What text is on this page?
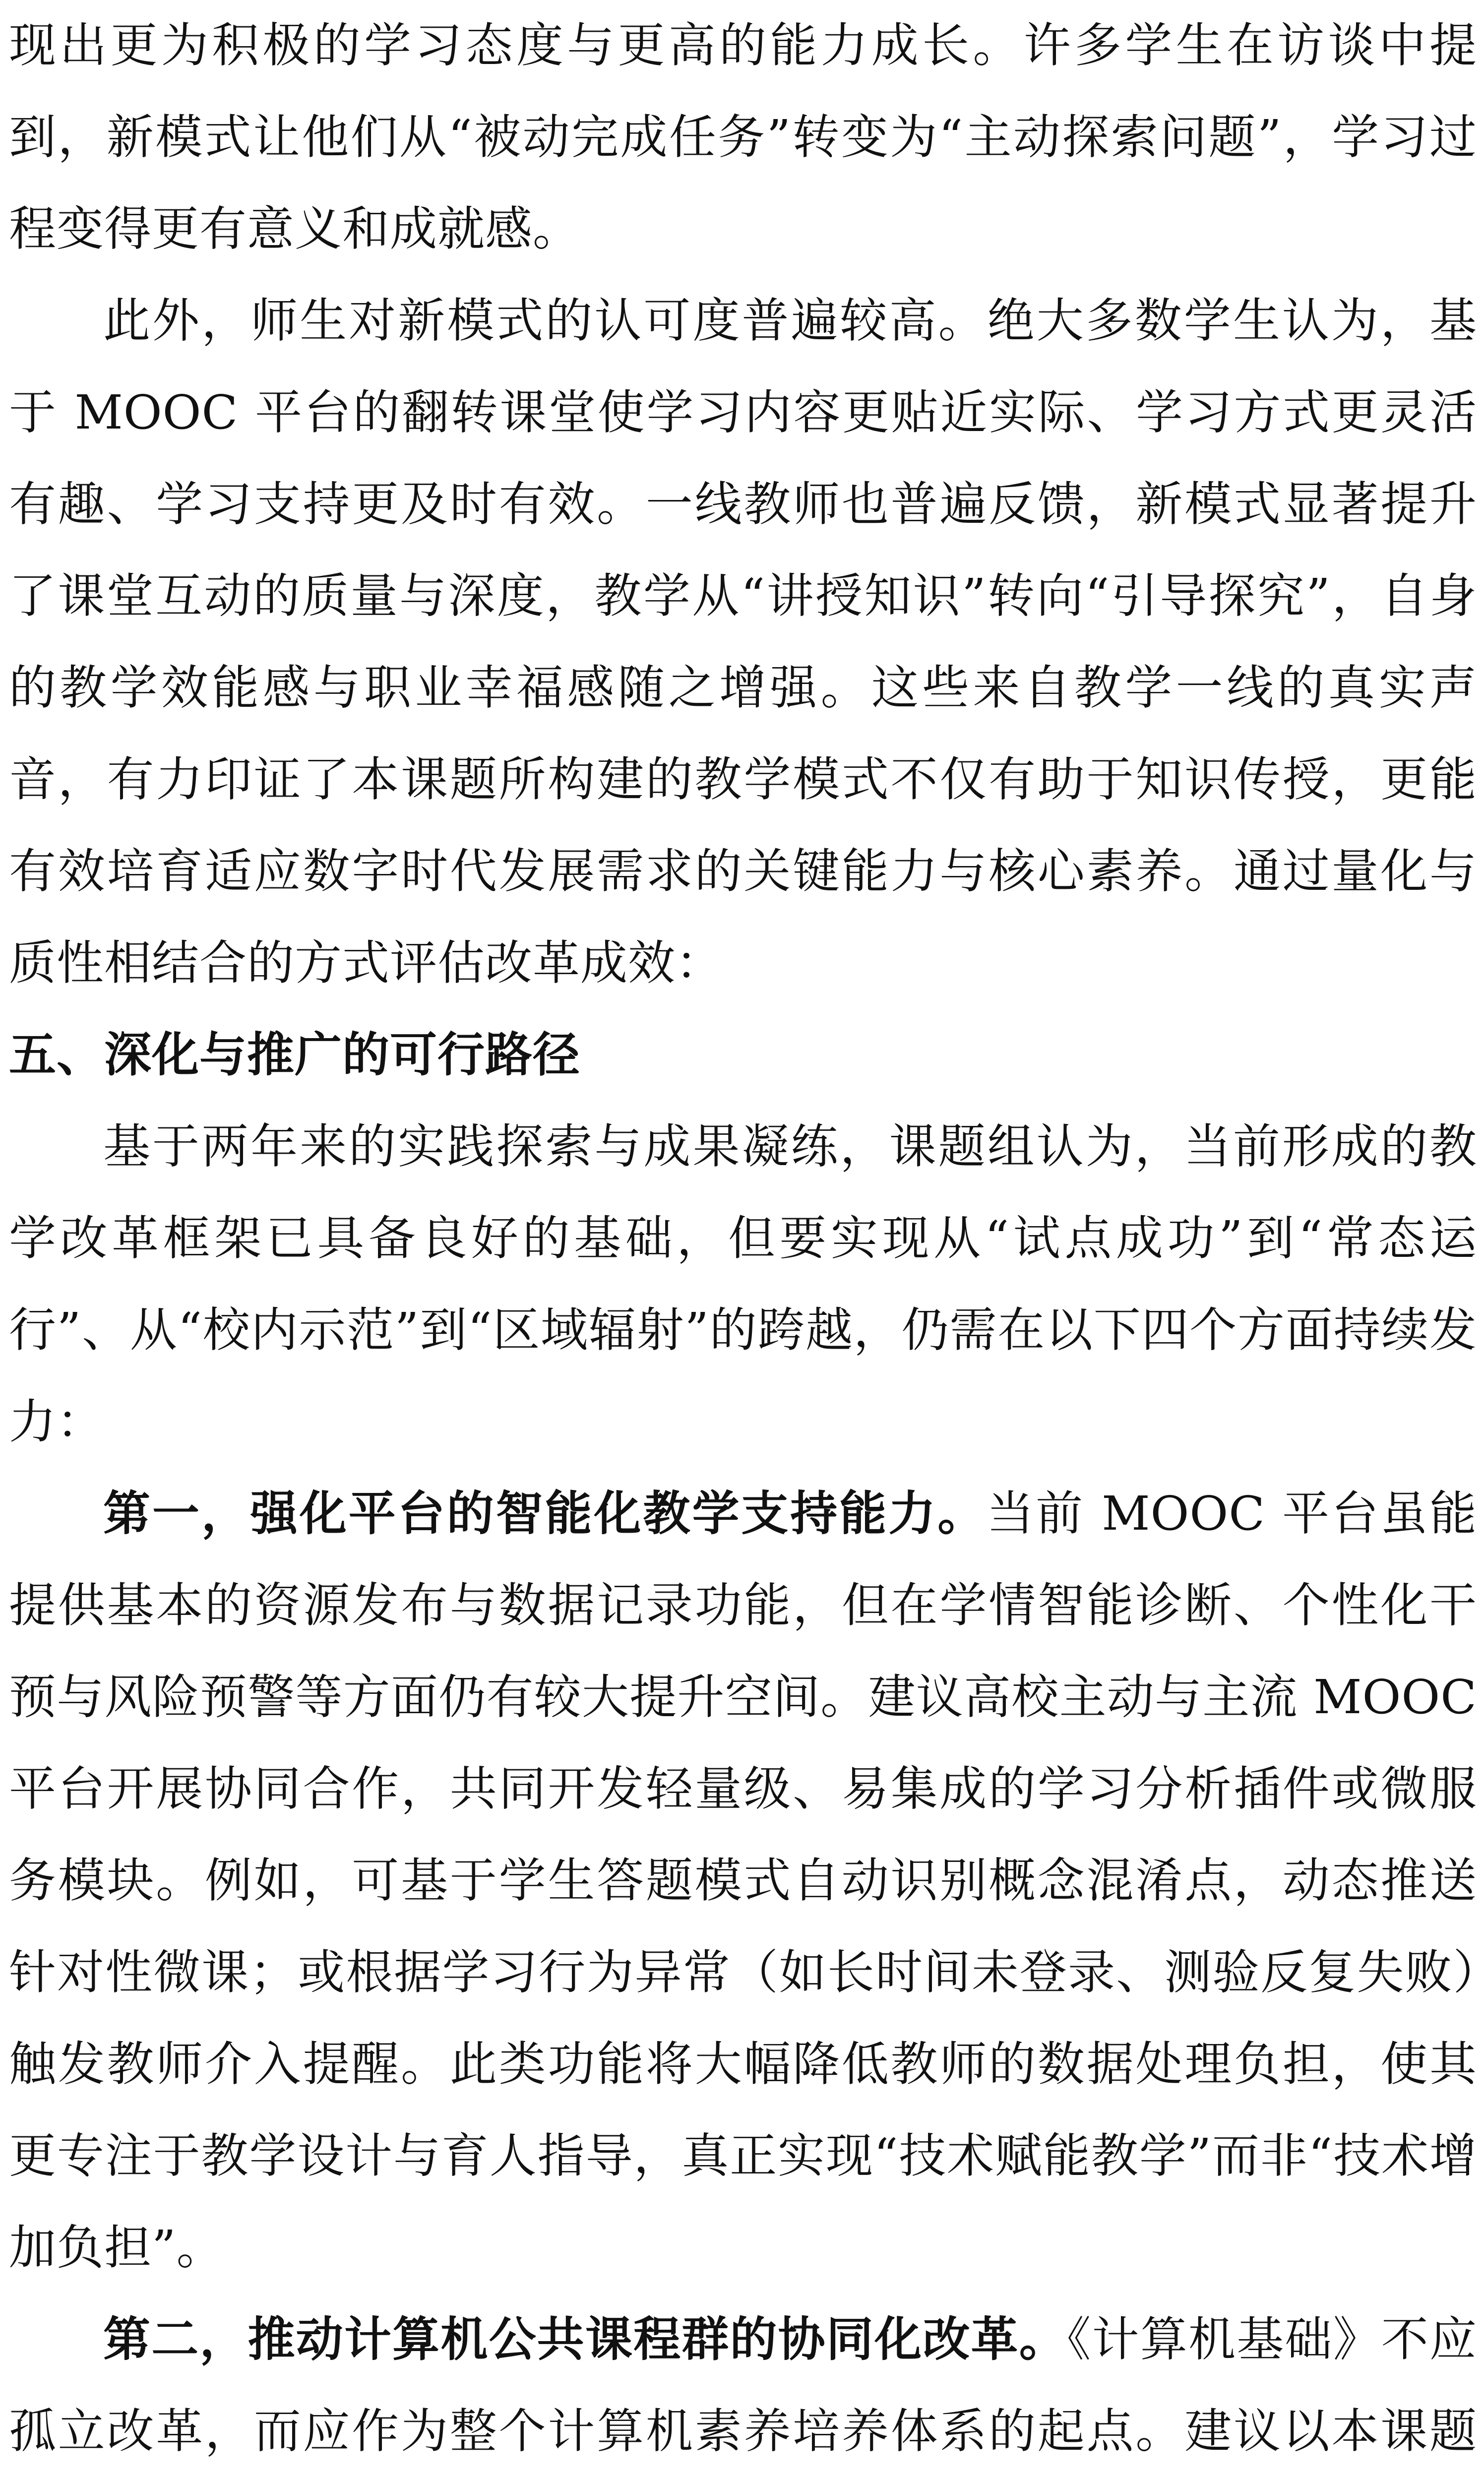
现出更为积极的学习态度与更高的能力成长。许多学生在访谈中提到，新模式让他们从“被动完成任务”转变为“主动探索问题”，学习过程变得更有意义和成就感。

此外，师生对新模式的认可度普遍较高。绝大多数学生认为，基于 MOOC 平台的翻转课堂使学习内容更贴近实际、学习方式更灵活有趣、学习支持更及时有效。一线教师也普遍反馈，新模式显著提升了课堂互动的质量与深度，教学从“讲授知识”转向“引导探究”，自身的教学效能感与职业幸福感随之增强。这些来自教学一线的真实声音，有力印证了本课题所构建的教学模式不仅有助于知识传授，更能有效培育适应数字时代发展需求的关键能力与核心素养。通过量化与质性相结合的方式评估改革成效：

五、深化与推广的可行路径

基于两年来的实践探索与成果凝练，课题组认为，当前形成的教学改革框架已具备良好的基础，但要实现从“试点成功”到“常态运行”、从“校内示范”到“区域辐射”的跨越，仍需在以下四个方面持续发力：

第一，强化平台的智能化教学支持能力。当前 MOOC 平台虽能提供基本的资源发布与数据记录功能，但在学情智能诊断、个性化干预与风险预警等方面仍有较大提升空间。建议高校主动与主流 MOOC 平台开展协同合作，共同开发轻量级、易集成的学习分析插件或微服务模块。例如，可基于学生答题模式自动识别概念混淆点，动态推送针对性微课；或根据学习行为异常（如长时间未登录、测验反复失败）触发教师介入提醒。此类功能将大幅降低教师的数据处理负担，使其更专注于教学设计与育人指导，真正实现“技术赋能教学”而非“技术增加负担”。

第二，推动计算机公共课程群的协同化改革。《计算机基础》不应孤立改革，而应作为整个计算机素养培养体系的起点。建议以本课题
